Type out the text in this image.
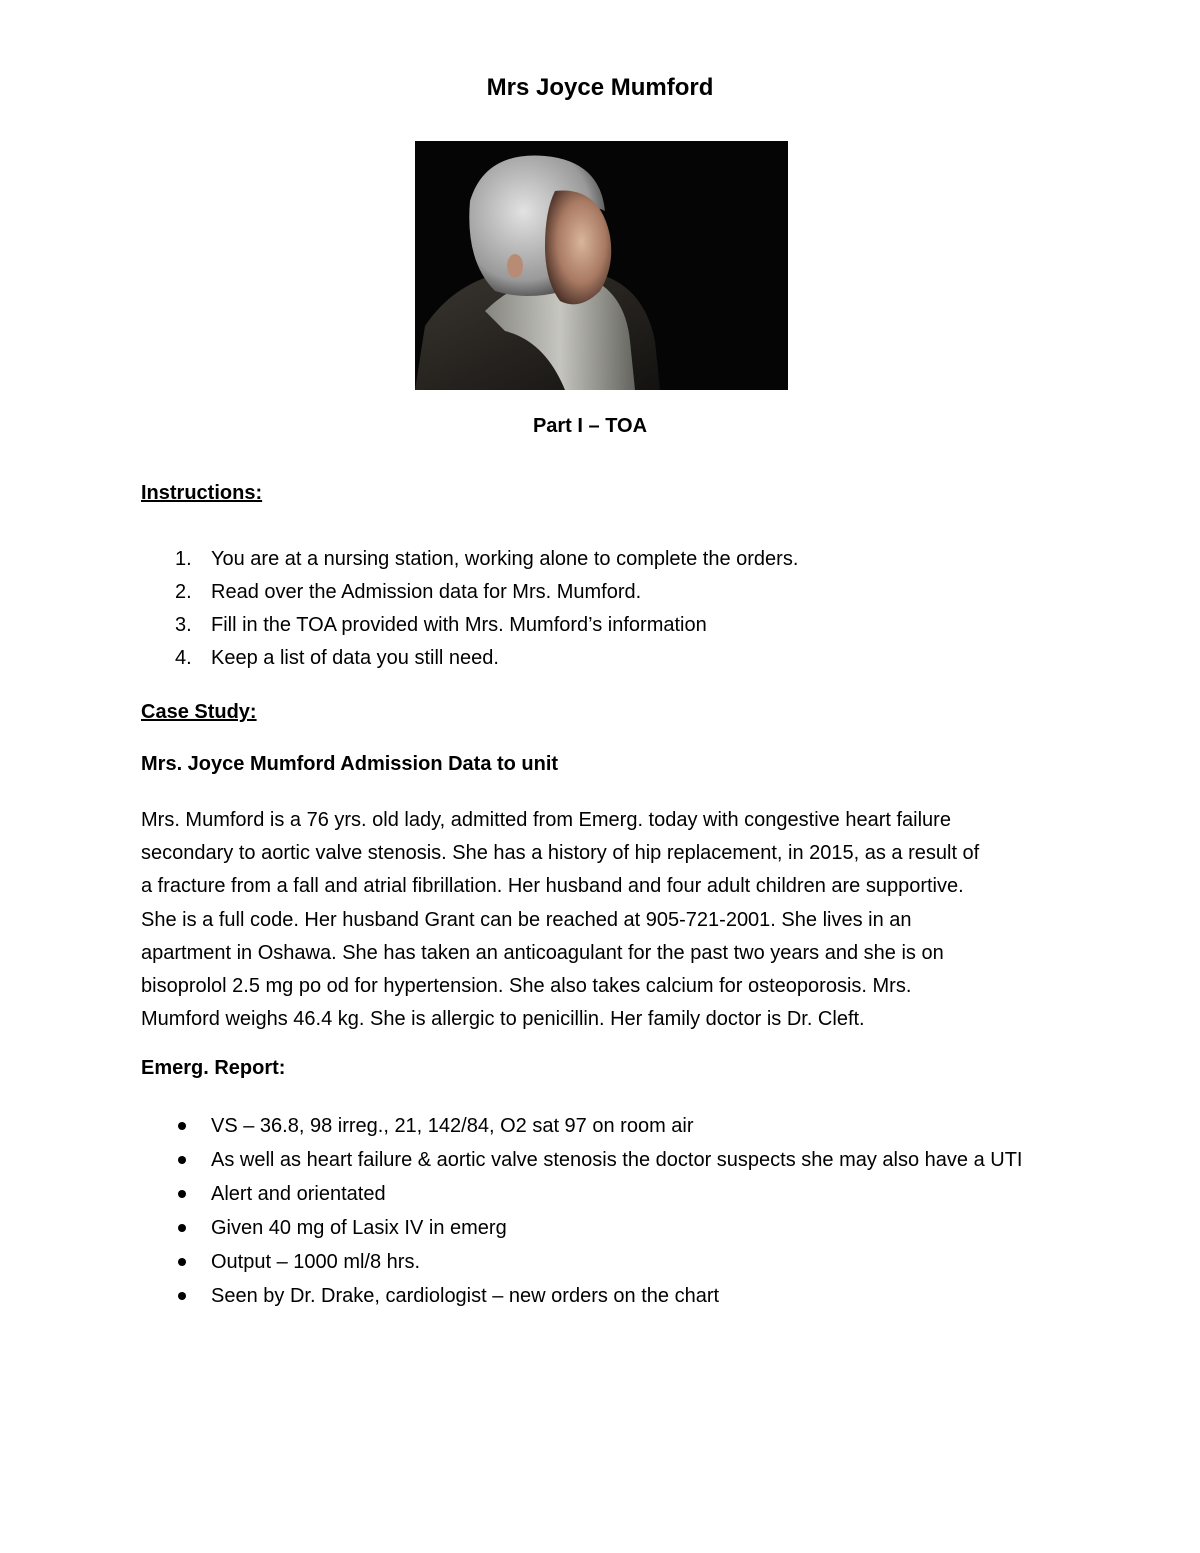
Mrs Joyce Mumford

Part I – TOA

Instructions:

1. You are at a nursing station, working alone to complete the orders.
2. Read over the Admission data for Mrs. Mumford.
3. Fill in the TOA provided with Mrs. Mumford’s information
4. Keep a list of data you still need.

Case Study:

Mrs. Joyce Mumford Admission Data to unit

Mrs. Mumford is a 76 yrs. old lady, admitted from Emerg. today with congestive heart failure
secondary to aortic valve stenosis. She has a history of hip replacement, in 2015, as a result of
a fracture from a fall and atrial fibrillation. Her husband and four adult children are supportive.
She is a full code. Her husband Grant can be reached at 905-721-2001. She lives in an
apartment in Oshawa. She has taken an anticoagulant for the past two years and she is on
bisoprolol 2.5 mg po od for hypertension. She also takes calcium for osteoporosis. Mrs.
Mumford weighs 46.4 kg. She is allergic to penicillin. Her family doctor is Dr. Cleft.

Emerg. Report:

VS – 36.8, 98 irreg., 21, 142/84, O2 sat 97 on room air
As well as heart failure & aortic valve stenosis the doctor suspects she may also have a UTI
Alert and orientated
Given 40 mg of Lasix IV in emerg
Output – 1000 ml/8 hrs.
Seen by Dr. Drake, cardiologist – new orders on the chart
